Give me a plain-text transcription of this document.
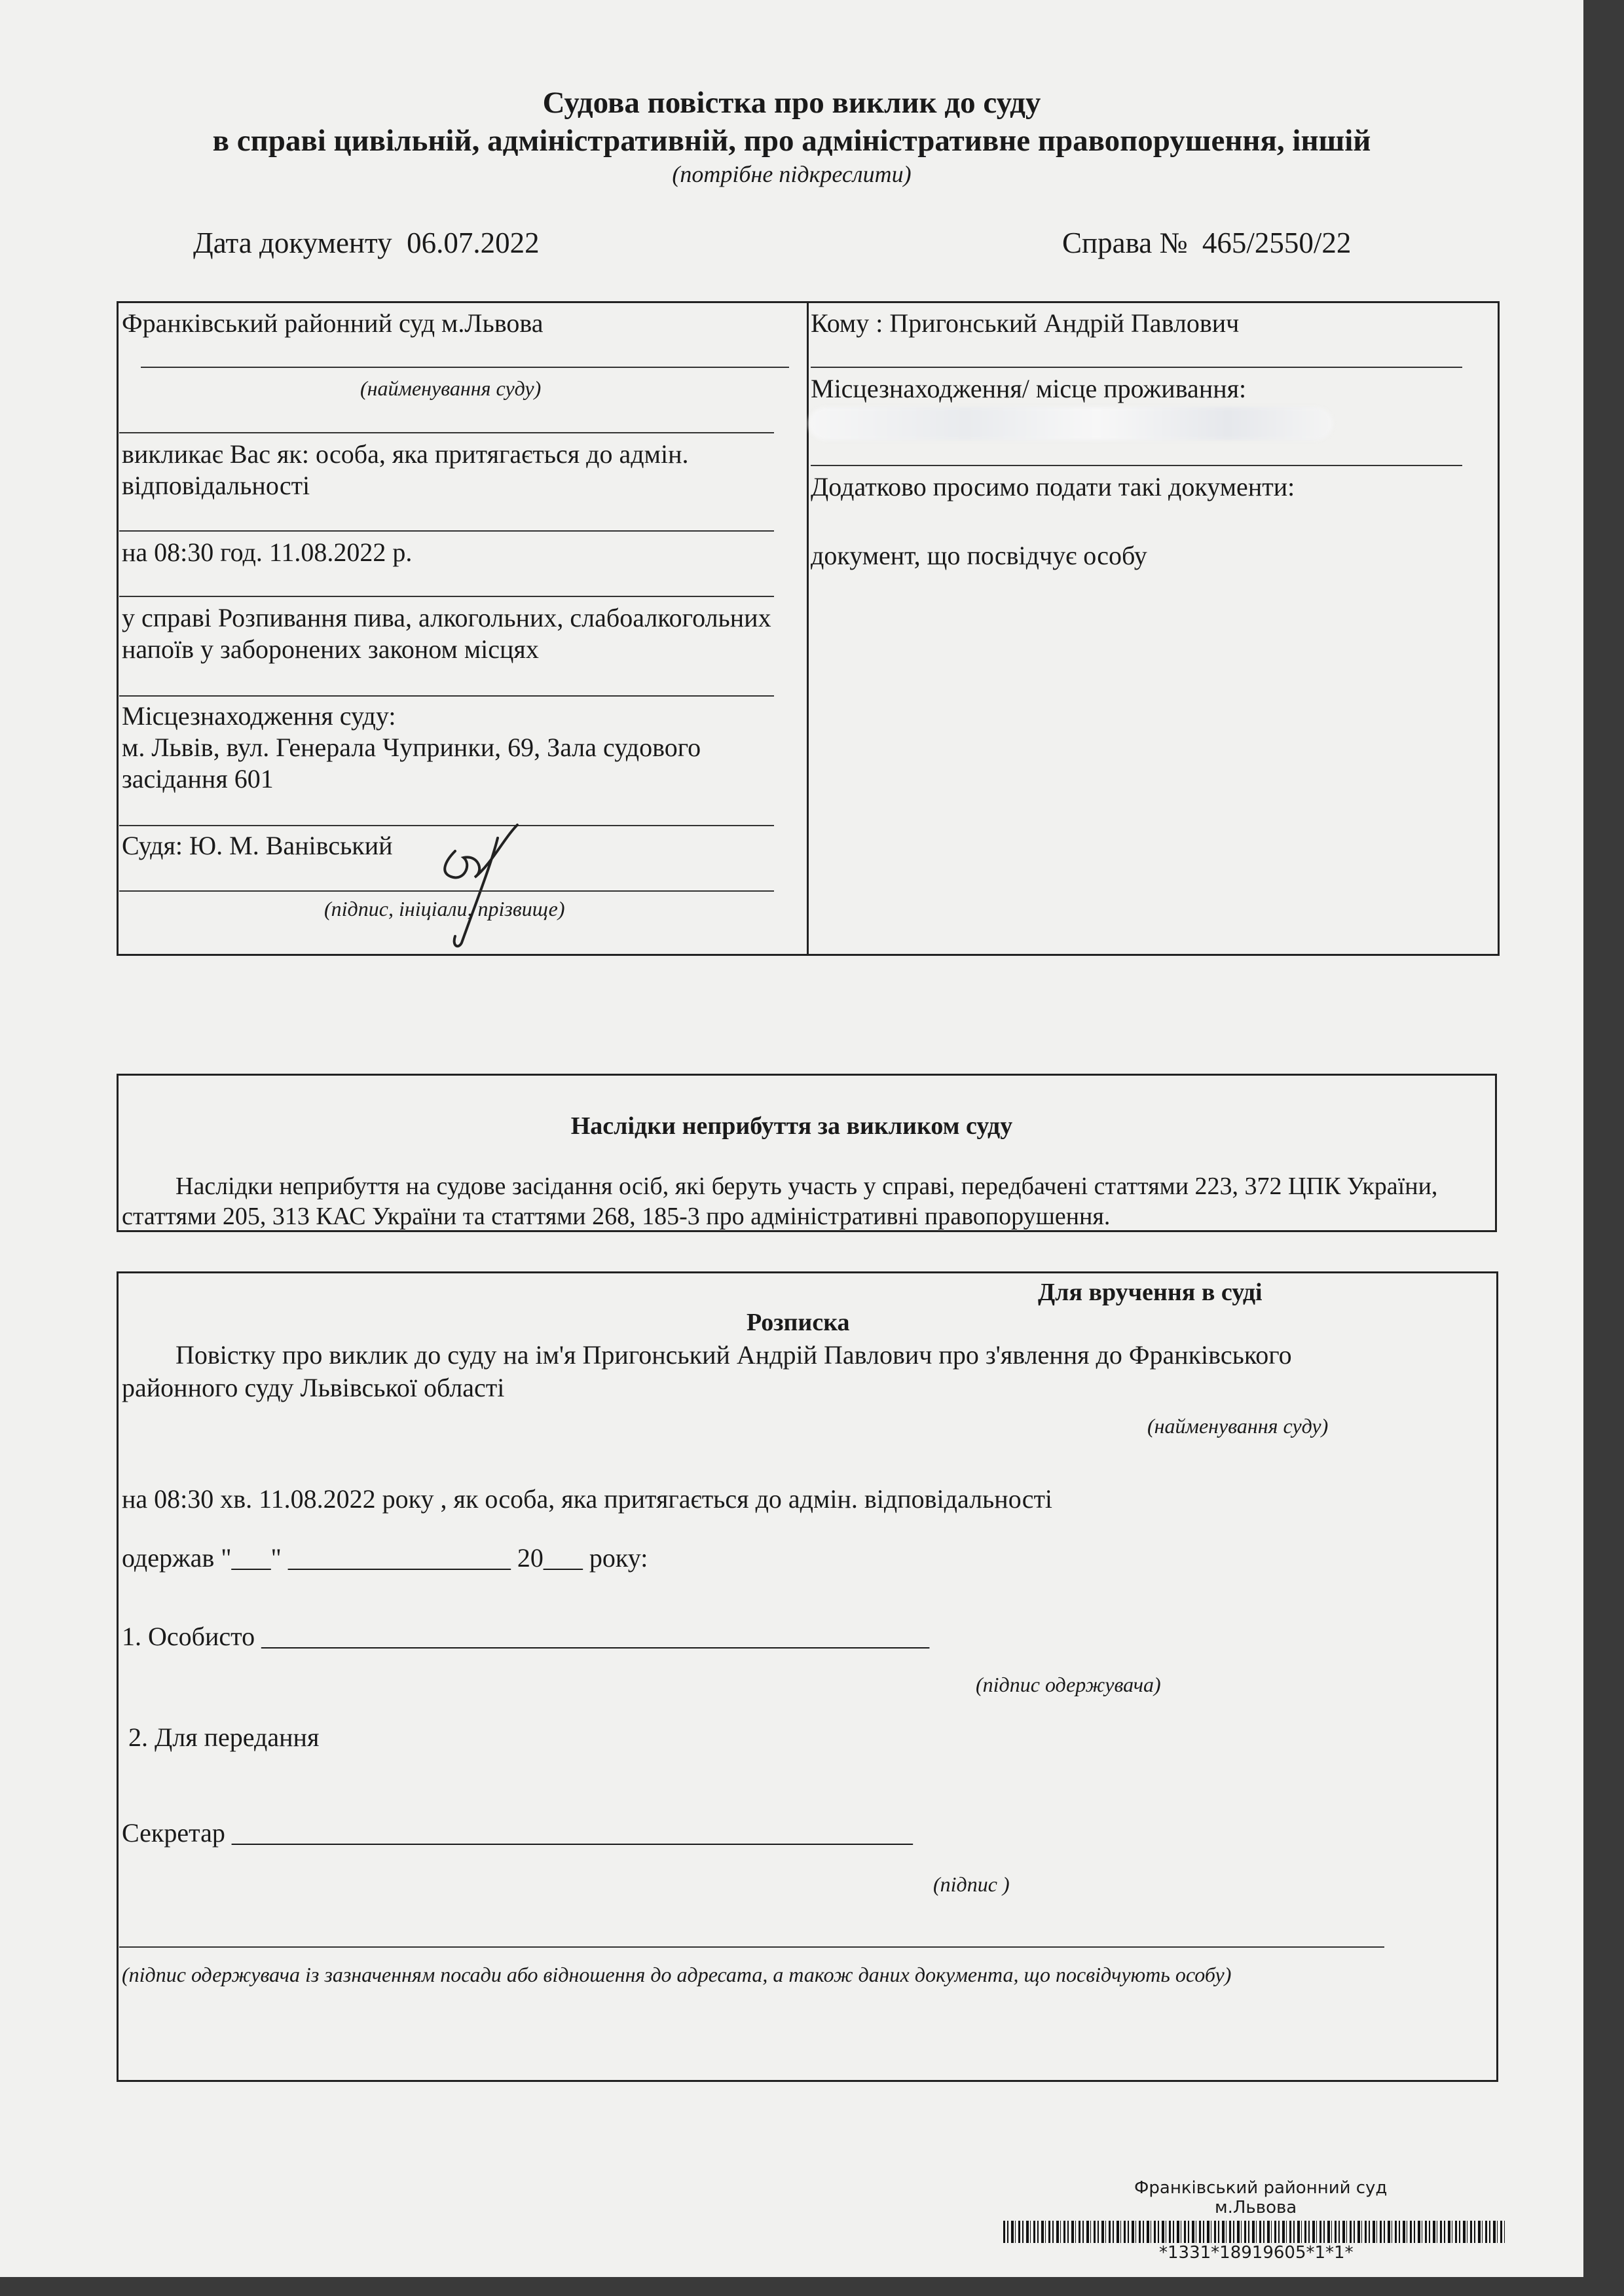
Судова повістка про виклик до суду
в справі цивільній, адміністративній, про адміністративне правопорушення, іншій
(потрібне підкреслити)
Дата документу 06.07.2022	Справа № 465/2550/22
Франківський районний суд м.Львова
(найменування суду)
викликає Вас як: особа, яка притягається до адмін.
відповідальності
на 08:30 год. 11.08.2022 р.
у справі Розпивання пива, алкогольних, слабоалкогольних
напоїв у заборонених законом місцях
Місцезнаходження суду:
м. Львів, вул. Генерала Чупринки, 69, Зала судового
засідання 601
Судя: Ю. М. Ванівський
(підпис, ініціали, прізвище)
Кому : Пригонський Андрій Павлович
Місцезнаходження/ місце проживання:
Додатково просимо подати такі документи:
документ, що посвідчує особу
Наслідки неприбуття за викликом суду
Наслідки неприбуття на судове засідання осіб, які беруть участь у справі, передбачені статтями 223, 372 ЦПК України,
статтями 205, 313 КАС України та статтями 268, 185-3 про адміністративні правопорушення.
Для вручення в суді
Розписка
Повістку про виклик до суду на ім'я Пригонський Андрій Павлович про з'явлення до Франківського
районного суду Львівської області
(найменування суду)
на 08:30 хв. 11.08.2022 року , як особа, яка притягається до адмін. відповідальності
одержав "___" _________________ 20___ року:
1. Особисто ___________________________________________________
(підпис одержувача)
2. Для передання
Секретар ____________________________________________________
(підпис )
(підпис одержувача із зазначенням посади або відношення до адресата, а також даних документа, що посвідчують особу)
Франківський районний суд
м.Львова
*1331*18919605*1*1*
